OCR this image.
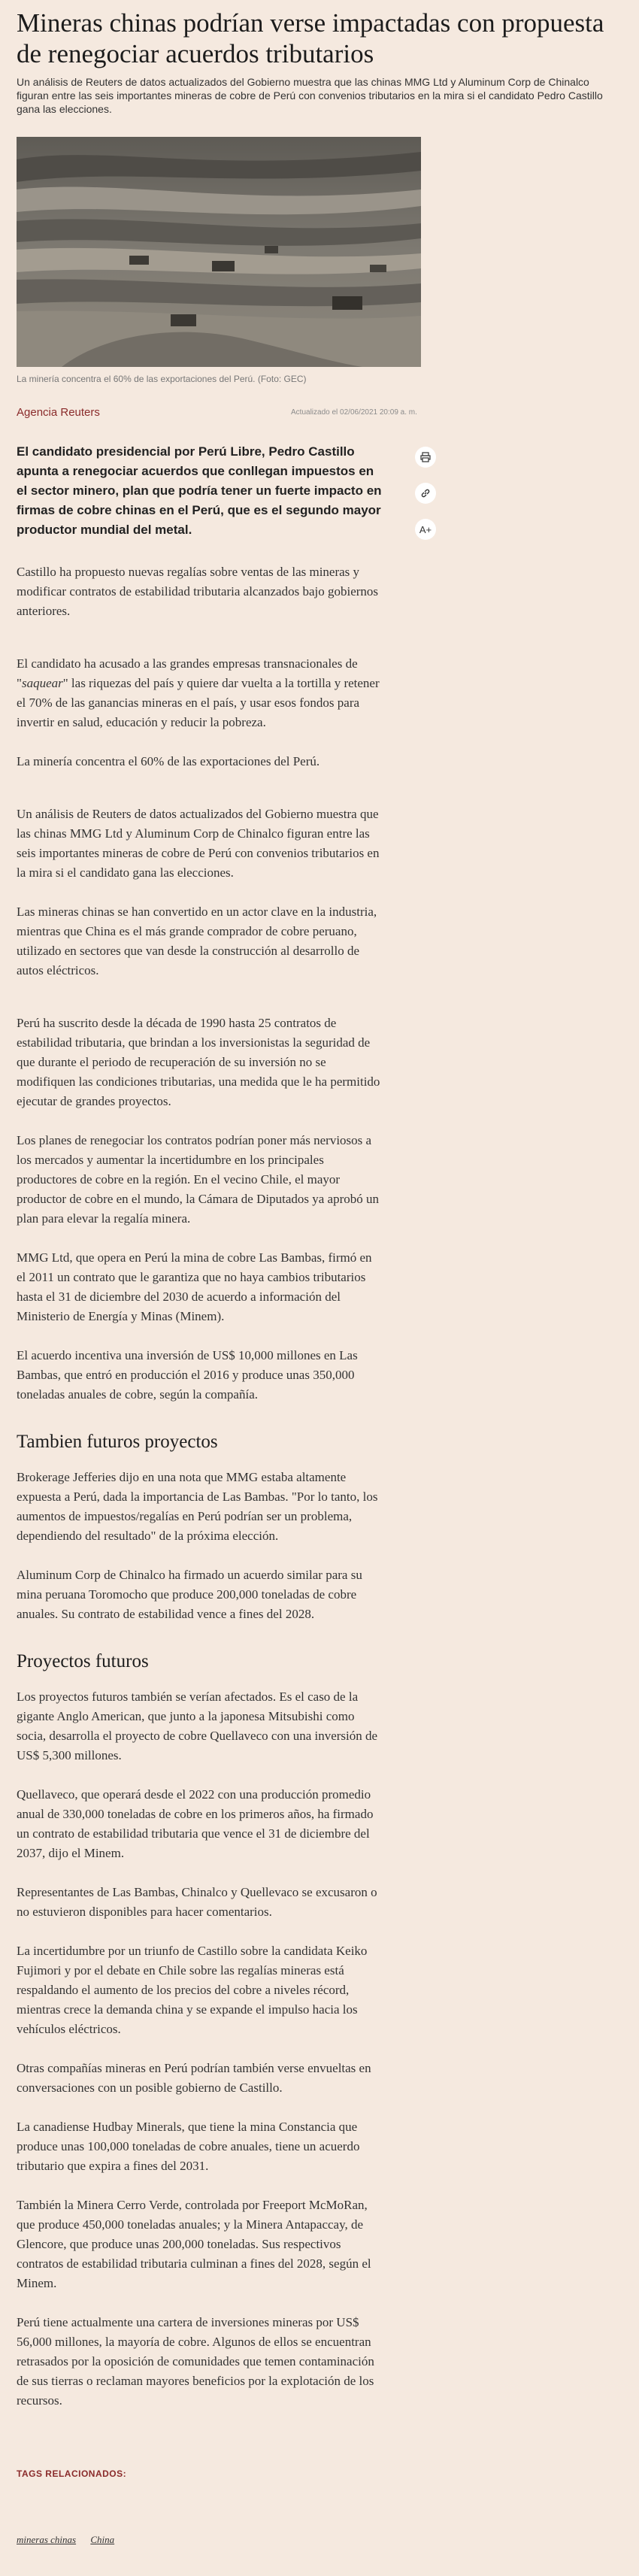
Mineras chinas podrían verse impactadas con propuesta de renegociar acuerdos tributarios

Un análisis de Reuters de datos actualizados del Gobierno muestra que las chinas MMG Ltd y Aluminum Corp de Chinalco figuran entre las seis importantes mineras de cobre de Perú con convenios tributarios en la mira si el candidato Pedro Castillo gana las elecciones.

La minería concentra el 60% de las exportaciones del Perú. (Foto: GEC)
Agencia Reuters	Actualizado el 02/06/2021 20:09 a. m.
A+

El candidato presidencial por Perú Libre, Pedro Castillo apunta a renegociar acuerdos que conllegan impuestos en el sector minero, plan que podría tener un fuerte impacto en firmas de cobre chinas en el Perú, que es el segundo mayor productor mundial del metal.

Castillo ha propuesto nuevas regalías sobre ventas de las mineras y modificar contratos de estabilidad tributaria alcanzados bajo gobiernos anteriores.

El candidato ha acusado a las grandes empresas transnacionales de "saquear" las riquezas del país y quiere dar vuelta a la tortilla y retener el 70% de las ganancias mineras en el país, y usar esos fondos para invertir en salud, educación y reducir la pobreza.

La minería concentra el 60% de las exportaciones del Perú.

Un análisis de Reuters de datos actualizados del Gobierno muestra que las chinas MMG Ltd y Aluminum Corp de Chinalco figuran entre las seis importantes mineras de cobre de Perú con convenios tributarios en la mira si el candidato gana las elecciones.

Las mineras chinas se han convertido en un actor clave en la industria, mientras que China es el más grande comprador de cobre peruano, utilizado en sectores que van desde la construcción al desarrollo de autos eléctricos.

Perú ha suscrito desde la década de 1990 hasta 25 contratos de estabilidad tributaria, que brindan a los inversionistas la seguridad de que durante el periodo de recuperación de su inversión no se modifiquen las condiciones tributarias, una medida que le ha permitido ejecutar de grandes proyectos.

Los planes de renegociar los contratos podrían poner más nerviosos a los mercados y aumentar la incertidumbre en los principales productores de cobre en la región. En el vecino Chile, el mayor productor de cobre en el mundo, la Cámara de Diputados ya aprobó un plan para elevar la regalía minera.

MMG Ltd, que opera en Perú la mina de cobre Las Bambas, firmó en el 2011 un contrato que le garantiza que no haya cambios tributarios hasta el 31 de diciembre del 2030 de acuerdo a información del Ministerio de Energía y Minas (Minem).

El acuerdo incentiva una inversión de US$ 10,000 millones en Las Bambas, que entró en producción el 2016 y produce unas 350,000 toneladas anuales de cobre, según la compañía.

Tambien futuros proyectos

Brokerage Jefferies dijo en una nota que MMG estaba altamente expuesta a Perú, dada la importancia de Las Bambas. "Por lo tanto, los aumentos de impuestos/regalías en Perú podrían ser un problema, dependiendo del resultado" de la próxima elección.

Aluminum Corp de Chinalco ha firmado un acuerdo similar para su mina peruana Toromocho que produce 200,000 toneladas de cobre anuales. Su contrato de estabilidad vence a fines del 2028.

Proyectos futuros

Los proyectos futuros también se verían afectados. Es el caso de la gigante Anglo American, que junto a la japonesa Mitsubishi como socia, desarrolla el proyecto de cobre Quellaveco con una inversión de US$ 5,300 millones.

Quellaveco, que operará desde el 2022 con una producción promedio anual de 330,000 toneladas de cobre en los primeros años, ha firmado un contrato de estabilidad tributaria que vence el 31 de diciembre del 2037, dijo el Minem.

Representantes de Las Bambas, Chinalco y Quellevaco se excusaron o no estuvieron disponibles para hacer comentarios.

La incertidumbre por un triunfo de Castillo sobre la candidata Keiko Fujimori y por el debate en Chile sobre las regalías mineras está respaldando el aumento de los precios del cobre a niveles récord, mientras crece la demanda china y se expande el impulso hacia los vehículos eléctricos.

Otras compañías mineras en Perú podrían también verse envueltas en conversaciones con un posible gobierno de Castillo.

La canadiense Hudbay Minerals, que tiene la mina Constancia que produce unas 100,000 toneladas de cobre anuales, tiene un acuerdo tributario que expira a fines del 2031.

También la Minera Cerro Verde, controlada por Freeport McMoRan, que produce 450,000 toneladas anuales; y la Minera Antapaccay, de Glencore, que produce unas 200,000 toneladas. Sus respectivos contratos de estabilidad tributaria culminan a fines del 2028, según el Minem.

Perú tiene actualmente una cartera de inversiones mineras por US$ 56,000 millones, la mayoría de cobre. Algunos de ellos se encuentran retrasados por la oposición de comunidades que temen contaminación de sus tierras o reclaman mayores beneficios por la explotación de los recursos.

TAGS RELACIONADOS:
mineras chinas China
